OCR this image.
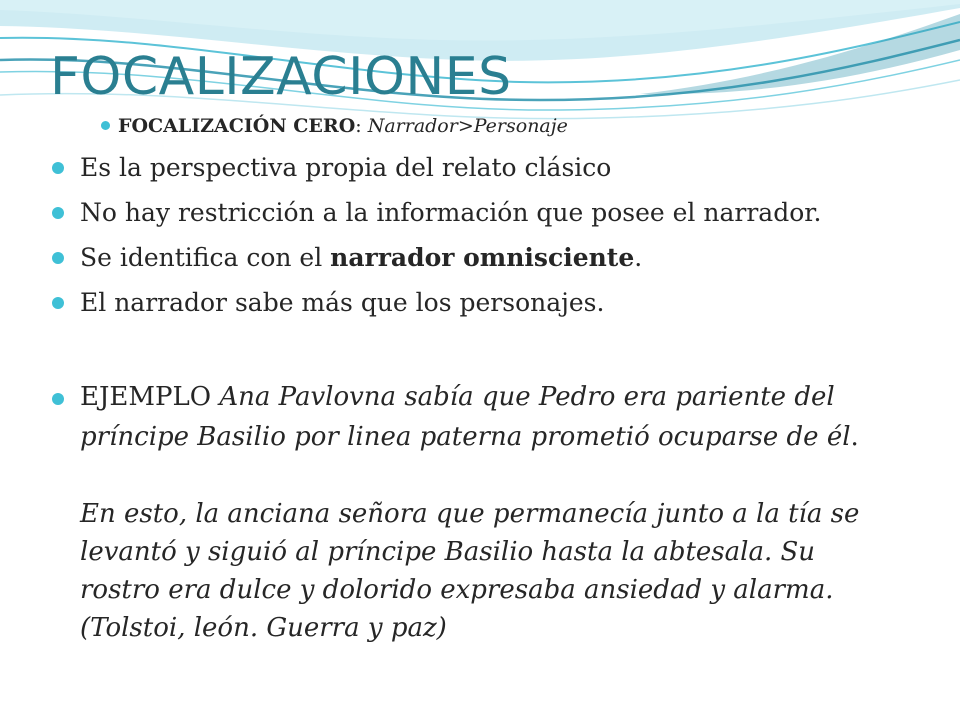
FOCALIZACIONES
FOCALIZACIÓN CERO: Narrador>Personaje
Es la perspectiva propia del relato clásico
No hay restricción a la información que posee el narrador.
Se identifica con el narrador omnisciente.
El narrador sabe más que los personajes.
EJEMPLO Ana Pavlovna sabía que Pedro era pariente del
príncipe Basilio por linea paterna prometió ocuparse de él.
En esto, la anciana señora que permanecía junto a la tía se
levantó y siguió al príncipe Basilio hasta la abtesala. Su
rostro era dulce y dolorido expresaba ansiedad y alarma.
(Tolstoi, león. Guerra y paz)
